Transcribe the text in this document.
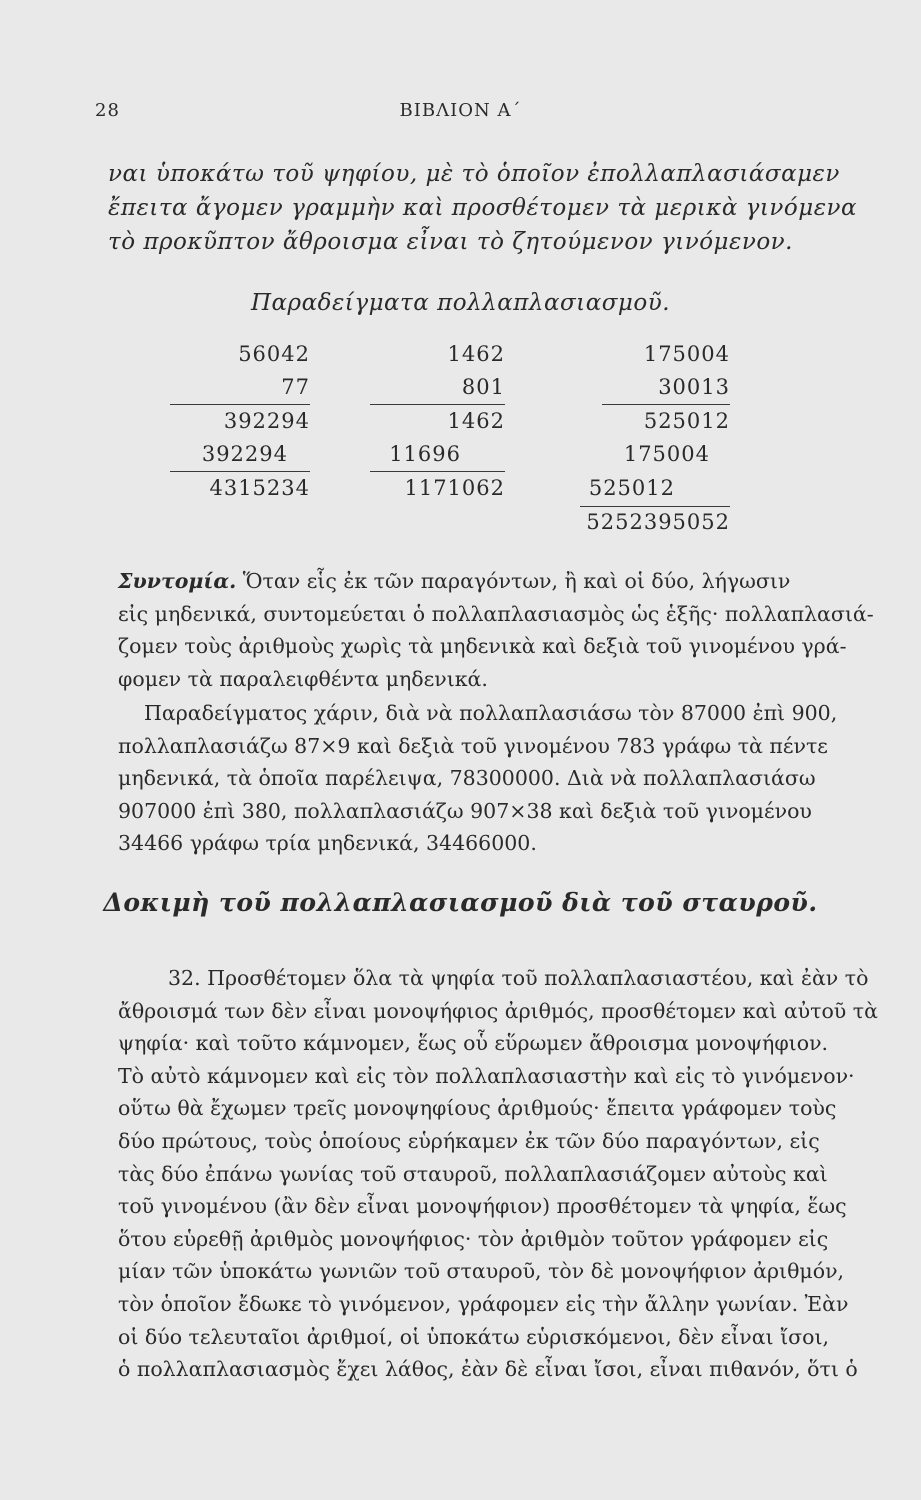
28	ΒΙΒΛΙΟΝ Α΄
ναι ὑποκάτω τοῦ ψηφίου, μὲ τὸ ὁποῖον ἐπολλαπλασιάσαμεν
ἔπειτα ἄγομεν γραμμὴν καὶ προσθέτομεν τὰ μερικὰ γινόμενα
τὸ προκῦπτον ἄθροισμα εἶναι τὸ ζητούμενον γινόμενον.
Παραδείγματα πολλαπλασιασμοῦ.
56042
77
392294
392294
4315234
1462
801
1462
11696
1171062
175004
30013
525012
175004
525012
5252395052
Συντομία. Ὅταν εἷς ἐκ τῶν παραγόντων, ἢ καὶ οἱ δύο, λήγωσιν
εἰς μηδενικά, συντομεύεται ὁ πολλαπλασιασμὸς ὡς ἑξῆς· πολλαπλασιά-
ζομεν τοὺς ἀριθμοὺς χωρὶς τὰ μηδενικὰ καὶ δεξιὰ τοῦ γινομένου γρά-
φομεν τὰ παραλειφθέντα μηδενικά.
Παραδείγματος χάριν, διὰ νὰ πολλαπλασιάσω τὸν 87000 ἐπὶ 900,
πολλαπλασιάζω 87×9 καὶ δεξιὰ τοῦ γινομένου 783 γράφω τὰ πέντε
μηδενικά, τὰ ὁποῖα παρέλειψα, 78300000. Διὰ νὰ πολλαπλασιάσω
907000 ἐπὶ 380, πολλαπλασιάζω 907×38 καὶ δεξιὰ τοῦ γινομένου
34466 γράφω τρία μηδενικά, 34466000.
Δοκιμὴ τοῦ πολλαπλασιασμοῦ διὰ τοῦ σταυροῦ.
32. Προσθέτομεν ὅλα τὰ ψηφία τοῦ πολλαπλασιαστέου, καὶ ἐὰν τὸ
ἄθροισμά των δὲν εἶναι μονοψήφιος ἀριθμός, προσθέτομεν καὶ αὐτοῦ τὰ
ψηφία· καὶ τοῦτο κάμνομεν, ἕως οὗ εὕρωμεν ἄθροισμα μονοψήφιον.
Τὸ αὐτὸ κάμνομεν καὶ εἰς τὸν πολλαπλασιαστὴν καὶ εἰς τὸ γινόμενον·
οὕτω θὰ ἔχωμεν τρεῖς μονοψηφίους ἀριθμούς· ἔπειτα γράφομεν τοὺς
δύο πρώτους, τοὺς ὁποίους εὑρήκαμεν ἐκ τῶν δύο παραγόντων, εἰς
τὰς δύο ἐπάνω γωνίας τοῦ σταυροῦ, πολλαπλασιάζομεν αὐτοὺς καὶ
τοῦ γινομένου (ἂν δὲν εἶναι μονοψήφιον) προσθέτομεν τὰ ψηφία, ἕως
ὅτου εὑρεθῇ ἀριθμὸς μονοψήφιος· τὸν ἀριθμὸν τοῦτον γράφομεν εἰς
μίαν τῶν ὑποκάτω γωνιῶν τοῦ σταυροῦ, τὸν δὲ μονοψήφιον ἀριθμόν,
τὸν ὁποῖον ἔδωκε τὸ γινόμενον, γράφομεν εἰς τὴν ἄλλην γωνίαν. Ἐὰν
οἱ δύο τελευταῖοι ἀριθμοί, οἱ ὑποκάτω εὑρισκόμενοι, δὲν εἶναι ἴσοι,
ὁ πολλαπλασιασμὸς ἔχει λάθος, ἐὰν δὲ εἶναι ἴσοι, εἶναι πιθανόν, ὅτι ὁ
